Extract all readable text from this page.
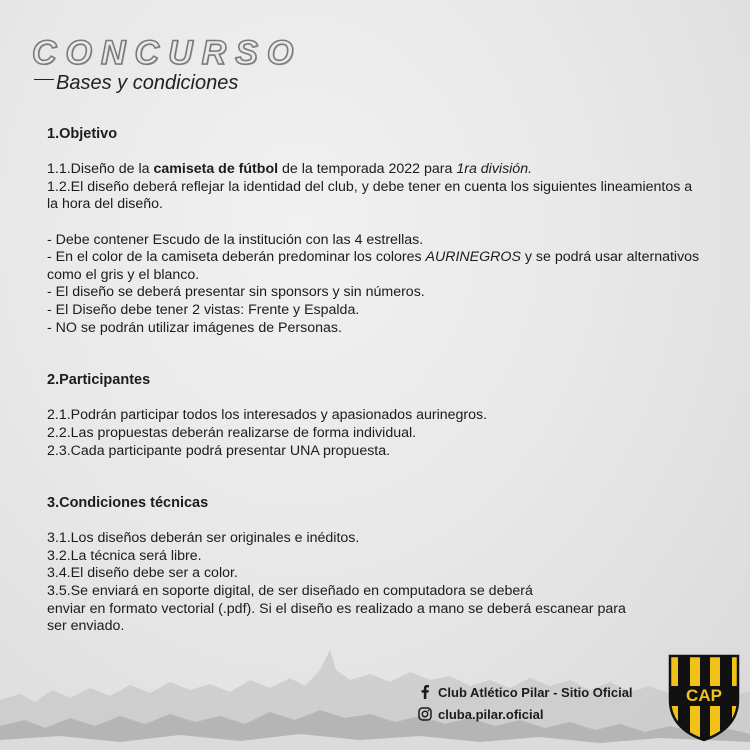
CONCURSO
Bases y condiciones

1.Objetivo

1.1.Diseño de la camiseta de fútbol de la temporada 2022 para 1ra división.

1.2.El diseño deberá reflejar la identidad del club, y debe tener en cuenta los siguientes lineamientos a la hora del diseño.

- Debe contener Escudo de la institución con las 4 estrellas.

- En el color de la camiseta deberán predominar los colores AURINEGROS y se podrá usar alternativos como el gris y el blanco.

- El diseño se deberá presentar sin sponsors y sin números.

- El Diseño debe tener 2 vistas: Frente y Espalda.

- NO se podrán utilizar imágenes de Personas.

2.Participantes

2.1.Podrán participar todos los interesados y apasionados aurinegros.

2.2.Las propuestas deberán realizarse de forma individual.

2.3.Cada participante podrá presentar UNA propuesta.

3.Condiciones técnicas

3.1.Los diseños deberán ser originales e inéditos.

3.2.La técnica será libre.

3.4.El diseño debe ser a color.

3.5.Se enviará en soporte digital, de ser diseñado en computadora se deberá

enviar en formato vectorial (.pdf). Si el diseño es realizado a mano se deberá escanear para

ser enviado.

Club Atlético Pilar - Sitio Oficial
cluba.pilar.oficial
CAP
